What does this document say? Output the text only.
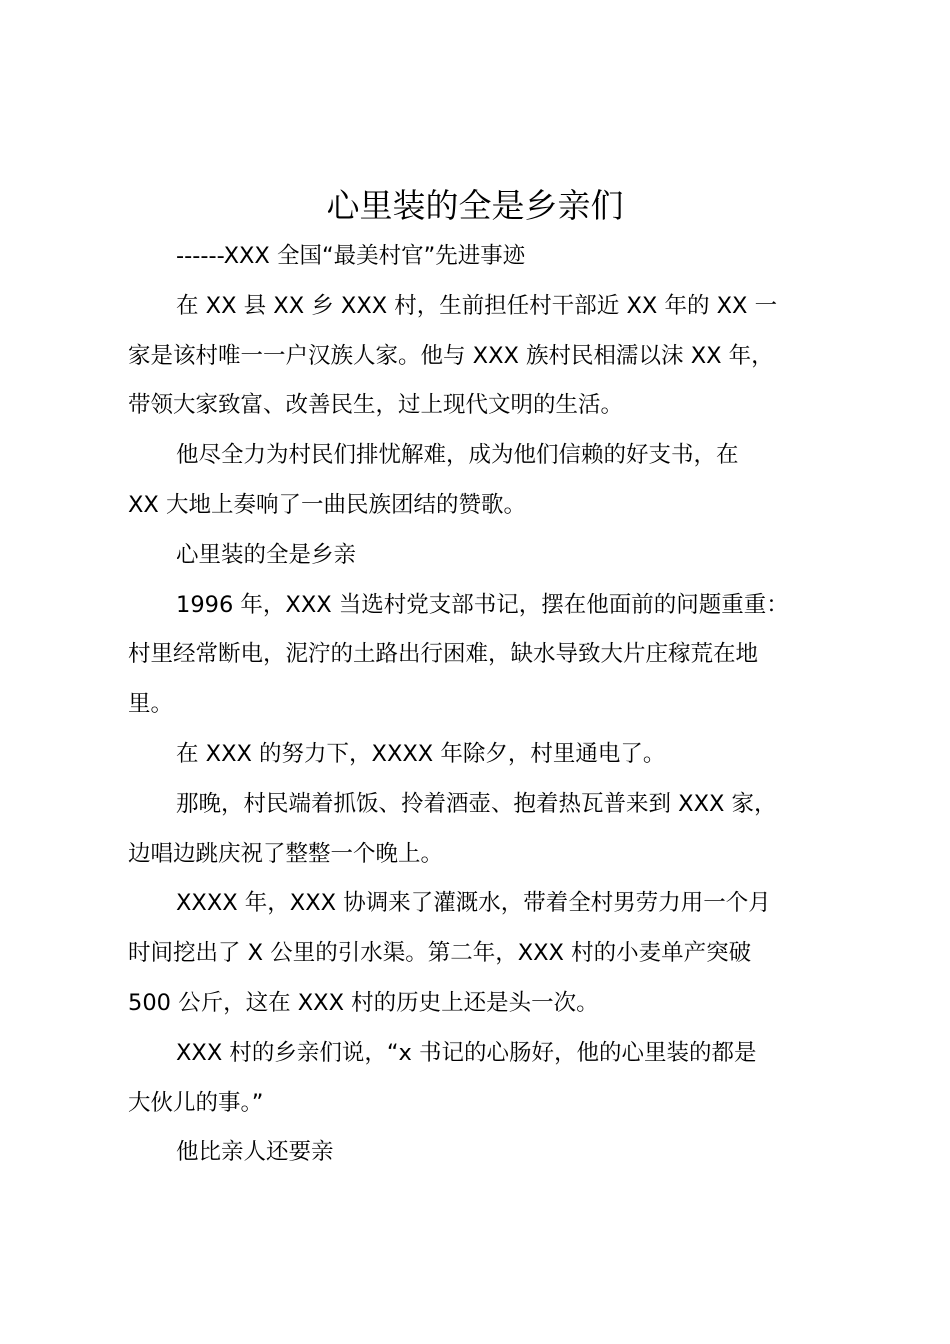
心里装的全是乡亲们

------XXX 全国“最美村官”先进事迹

在 XX 县 XX 乡 XXX 村，生前担任村干部近 XX 年的 XX 一
家是该村唯一一户汉族人家。他与 XXX 族村民相濡以沫 XX 年，
带领大家致富、改善民生，过上现代文明的生活。

他尽全力为村民们排忧解难，成为他们信赖的好支书，在
XX 大地上奏响了一曲民族团结的赞歌。

心里装的全是乡亲

1996 年，XXX 当选村党支部书记，摆在他面前的问题重重：
村里经常断电，泥泞的土路出行困难，缺水导致大片庄稼荒在地
里。

在 XXX 的努力下，XXXX 年除夕，村里通电了。

那晚，村民端着抓饭、拎着酒壶、抱着热瓦普来到 XXX 家，
边唱边跳庆祝了整整一个晚上。

XXXX 年，XXX 协调来了灌溉水，带着全村男劳力用一个月
时间挖出了 X 公里的引水渠。第二年，XXX 村的小麦单产突破
500 公斤，这在 XXX 村的历史上还是头一次。

XXX 村的乡亲们说，“x 书记的心肠好，他的心里装的都是
大伙儿的事。”

他比亲人还要亲
